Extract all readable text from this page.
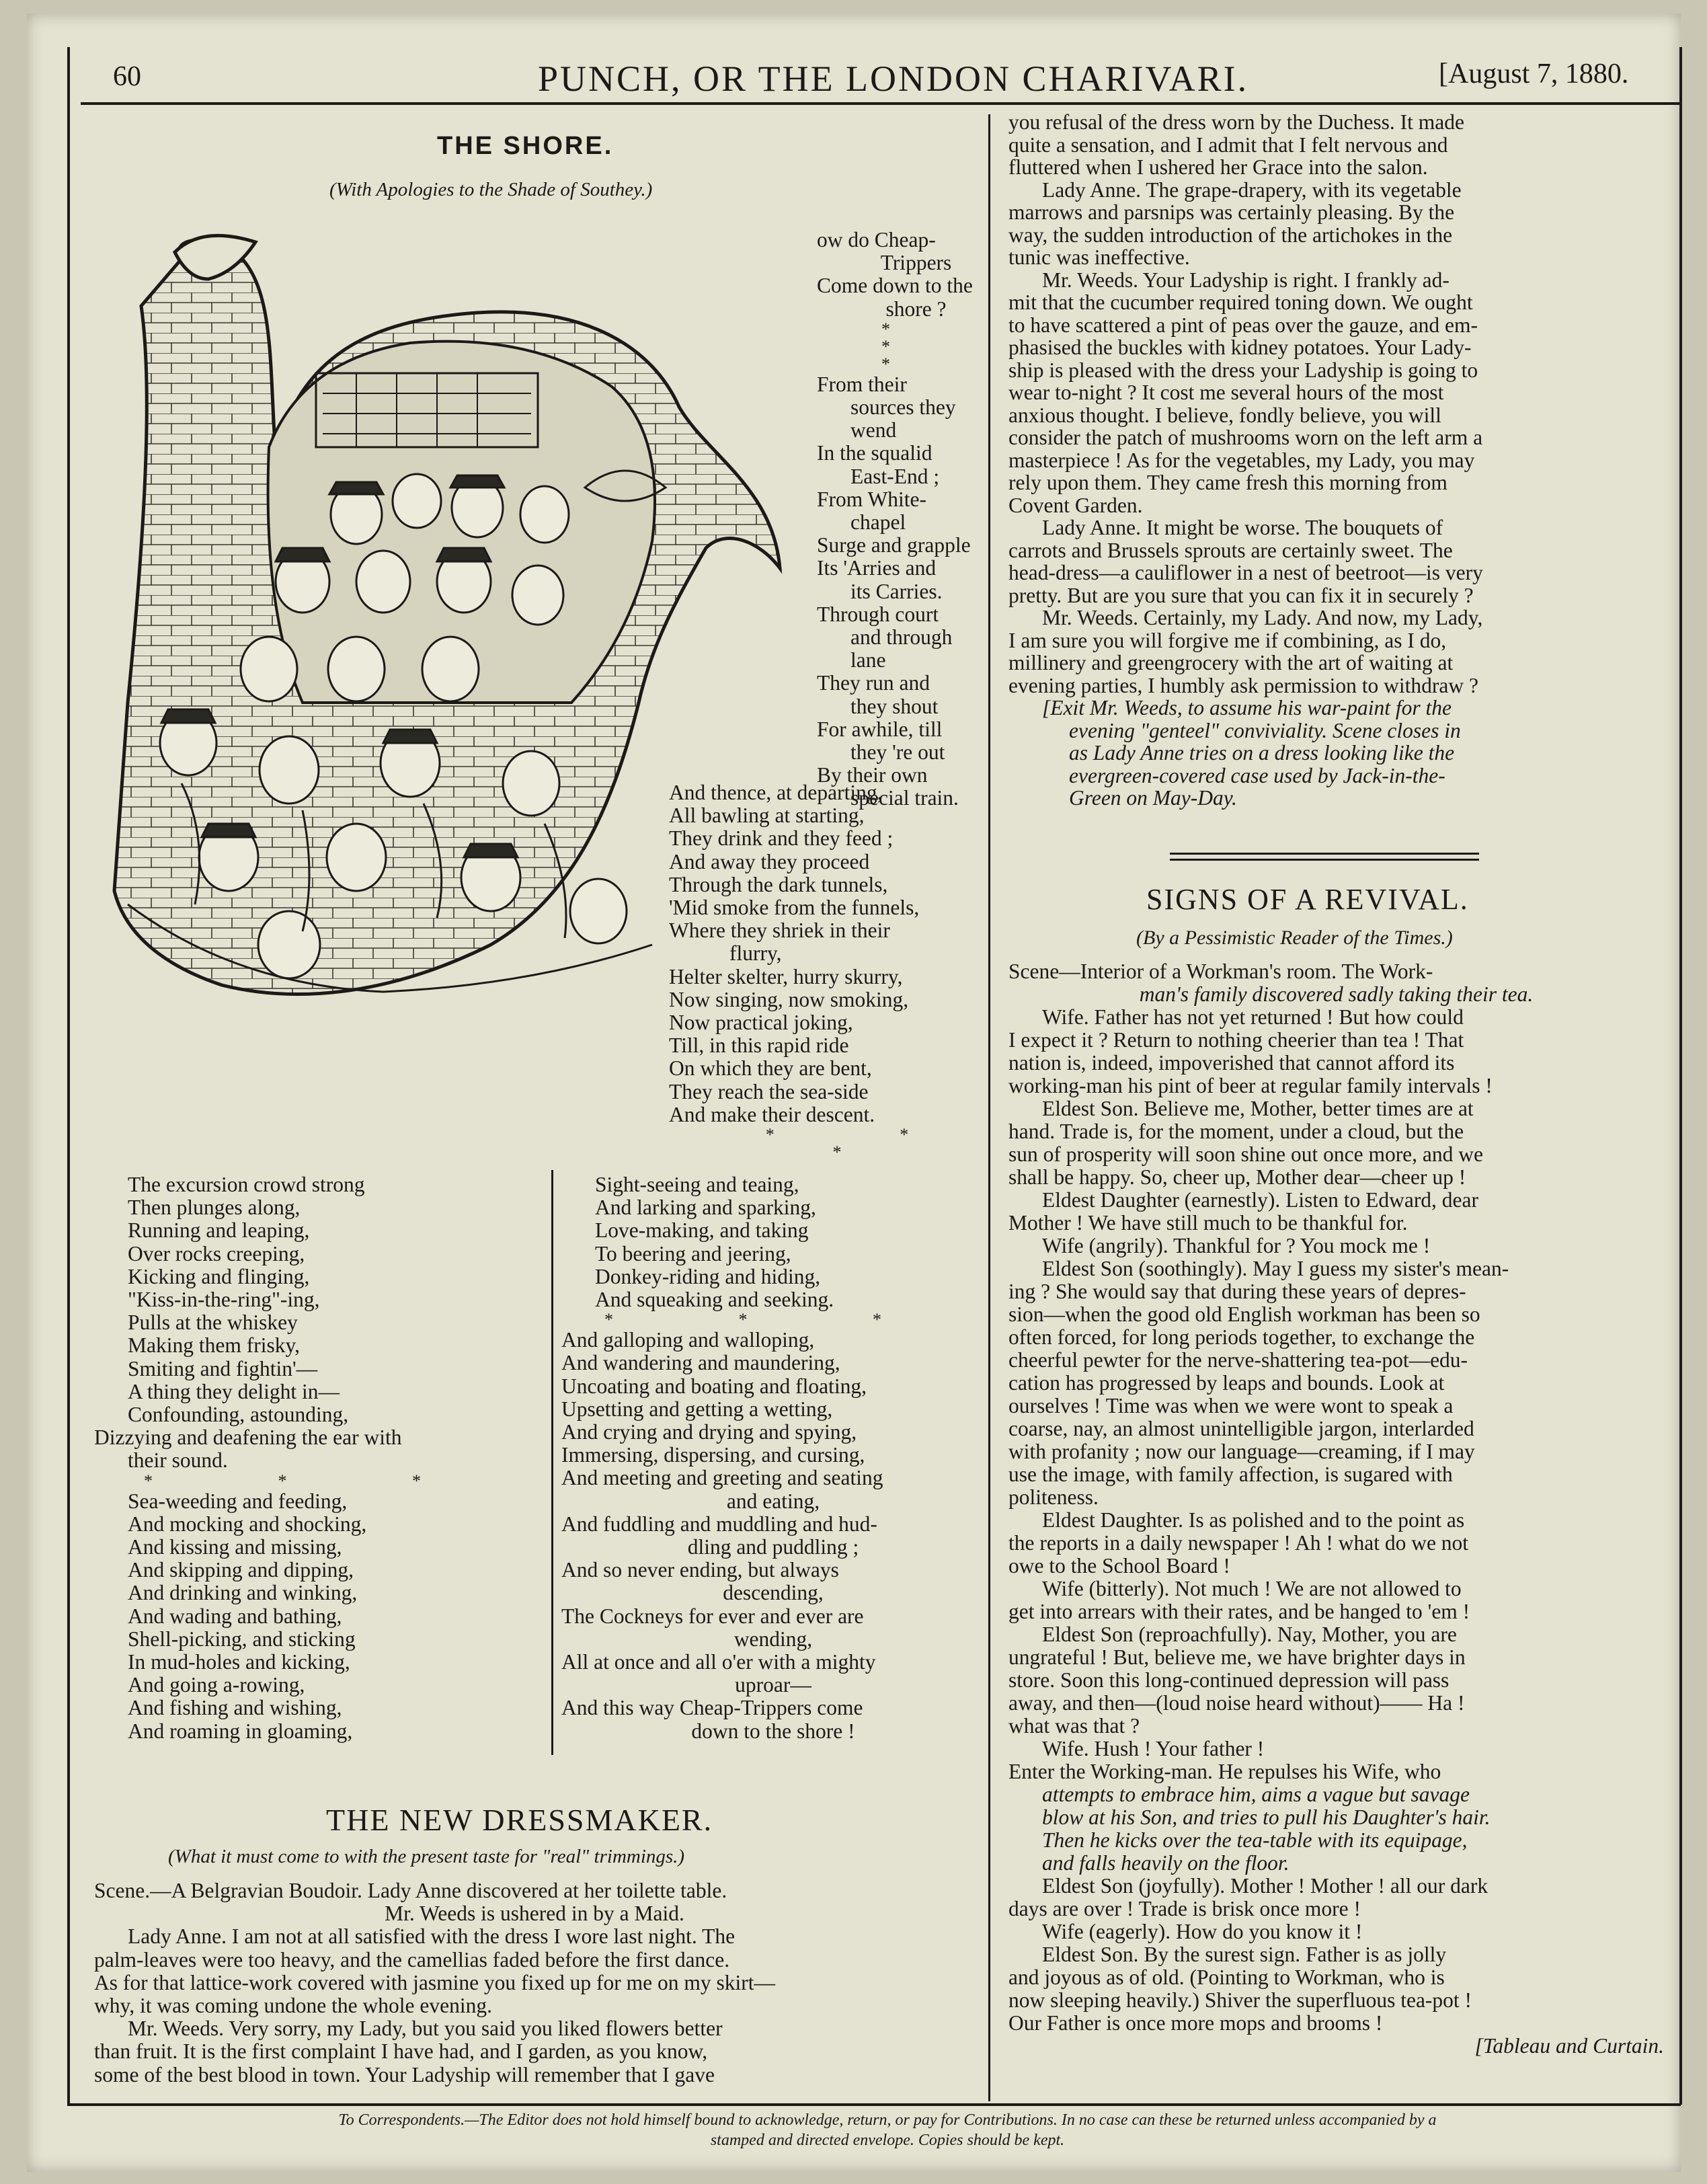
60	PUNCH, OR THE LONDON CHARIVARI.	[August 7, 1880.
THE SHORE.
(With Apologies to the Shade of Southey.)

ow do Cheap-

Trippers

Come down to the

shore ?

* * *

From their

sources they

wend

In the squalid

East-End ;

From White-

chapel

Surge and grapple

Its 'Arries and

its Carries.

Through court

and through

lane

They run and

they shout

For awhile, till

they 're out

By their own

special train.

And thence, at departing,

All bawling at starting,

They drink and they feed ;

And away they proceed

Through the dark tunnels,

'Mid smoke from the funnels,

Where they shriek in their

flurry,

Helter skelter, hurry skurry,

Now singing, now smoking,

Now practical joking,

Till, in this rapid ride

On which they are bent,

They reach the sea-side

And make their descent.

* * *

The excursion crowd strong

Then plunges along,

Running and leaping,

Over rocks creeping,

Kicking and flinging,

"Kiss-in-the-ring"-ing,

Pulls at the whiskey

Making them frisky,

Smiting and fightin'—

A thing they delight in—

Confounding, astounding,

Dizzying and deafening the ear with

their sound.

* * *

Sea-weeding and feeding,

And mocking and shocking,

And kissing and missing,

And skipping and dipping,

And drinking and winking,

And wading and bathing,

Shell-picking, and sticking

In mud-holes and kicking,

And going a-rowing,

And fishing and wishing,

And roaming in gloaming,

Sight-seeing and teaing,

And larking and sparking,

Love-making, and taking

To beering and jeering,

Donkey-riding and hiding,

And squeaking and seeking.

* * *

And galloping and walloping,

And wandering and maundering,

Uncoating and boating and floating,

Upsetting and getting a wetting,

And crying and drying and spying,

Immersing, dispersing, and cursing,

And meeting and greeting and seating

and eating,

And fuddling and muddling and hud-

dling and puddling ;

And so never ending, but always

descending,

The Cockneys for ever and ever are

wending,

All at once and all o'er with a mighty

uproar—

And this way Cheap-Trippers come

down to the shore !

THE NEW DRESSMAKER.
(What it must come to with the present taste for "real" trimmings.)

Scene.—A Belgravian Boudoir. Lady Anne discovered at her toilette table.

Mr. Weeds is ushered in by a Maid.

Lady Anne. I am not at all satisfied with the dress I wore last night. The

palm-leaves were too heavy, and the camellias faded before the first dance.

As for that lattice-work covered with jasmine you fixed up for me on my skirt—

why, it was coming undone the whole evening.

Mr. Weeds. Very sorry, my Lady, but you said you liked flowers better

than fruit. It is the first complaint I have had, and I garden, as you know,

some of the best blood in town. Your Ladyship will remember that I gave

you refusal of the dress worn by the Duchess. It made

quite a sensation, and I admit that I felt nervous and

fluttered when I ushered her Grace into the salon.

Lady Anne. The grape-drapery, with its vegetable

marrows and parsnips was certainly pleasing. By the

way, the sudden introduction of the artichokes in the

tunic was ineffective.

Mr. Weeds. Your Ladyship is right. I frankly ad-

mit that the cucumber required toning down. We ought

to have scattered a pint of peas over the gauze, and em-

phasised the buckles with kidney potatoes. Your Lady-

ship is pleased with the dress your Ladyship is going to

wear to-night ? It cost me several hours of the most

anxious thought. I believe, fondly believe, you will

consider the patch of mushrooms worn on the left arm a

masterpiece ! As for the vegetables, my Lady, you may

rely upon them. They came fresh this morning from

Covent Garden.

Lady Anne. It might be worse. The bouquets of

carrots and Brussels sprouts are certainly sweet. The

head-dress—a cauliflower in a nest of beetroot—is very

pretty. But are you sure that you can fix it in securely ?

Mr. Weeds. Certainly, my Lady. And now, my Lady,

I am sure you will forgive me if combining, as I do,

millinery and greengrocery with the art of waiting at

evening parties, I humbly ask permission to withdraw ?

[Exit Mr. Weeds, to assume his war-paint for the

evening "genteel" conviviality. Scene closes in

as Lady Anne tries on a dress looking like the

evergreen-covered case used by Jack-in-the-

Green on May-Day.

SIGNS OF A REVIVAL.
(By a Pessimistic Reader of the Times.)

Scene—Interior of a Workman's room. The Work-

man's family discovered sadly taking their tea.

Wife. Father has not yet returned ! But how could

I expect it ? Return to nothing cheerier than tea ! That

nation is, indeed, impoverished that cannot afford its

working-man his pint of beer at regular family intervals !

Eldest Son. Believe me, Mother, better times are at

hand. Trade is, for the moment, under a cloud, but the

sun of prosperity will soon shine out once more, and we

shall be happy. So, cheer up, Mother dear—cheer up !

Eldest Daughter (earnestly). Listen to Edward, dear

Mother ! We have still much to be thankful for.

Wife (angrily). Thankful for ? You mock me !

Eldest Son (soothingly). May I guess my sister's mean-

ing ? She would say that during these years of depres-

sion—when the good old English workman has been so

often forced, for long periods together, to exchange the

cheerful pewter for the nerve-shattering tea-pot—edu-

cation has progressed by leaps and bounds. Look at

ourselves ! Time was when we were wont to speak a

coarse, nay, an almost unintelligible jargon, interlarded

with profanity ; now our language—creaming, if I may

use the image, with family affection, is sugared with

politeness.

Eldest Daughter. Is as polished and to the point as

the reports in a daily newspaper ! Ah ! what do we not

owe to the School Board !

Wife (bitterly). Not much ! We are not allowed to

get into arrears with their rates, and be hanged to 'em !

Eldest Son (reproachfully). Nay, Mother, you are

ungrateful ! But, believe me, we have brighter days in

store. Soon this long-continued depression will pass

away, and then—(loud noise heard without)—— Ha !

what was that ?

Wife. Hush ! Your father !

Enter the Working-man. He repulses his Wife, who

attempts to embrace him, aims a vague but savage

blow at his Son, and tries to pull his Daughter's hair.

Then he kicks over the tea-table with its equipage,

and falls heavily on the floor.

Eldest Son (joyfully). Mother ! Mother ! all our dark

days are over ! Trade is brisk once more !

Wife (eagerly). How do you know it !

Eldest Son. By the surest sign. Father is as jolly

and joyous as of old. (Pointing to Workman, who is

now sleeping heavily.) Shiver the superfluous tea-pot !

Our Father is once more mops and brooms !

[Tableau and Curtain.

To Correspondents.—The Editor does not hold himself bound to acknowledge, return, or pay for Contributions. In no case can these be returned unless accompanied by a
stamped and directed envelope. Copies should be kept.
